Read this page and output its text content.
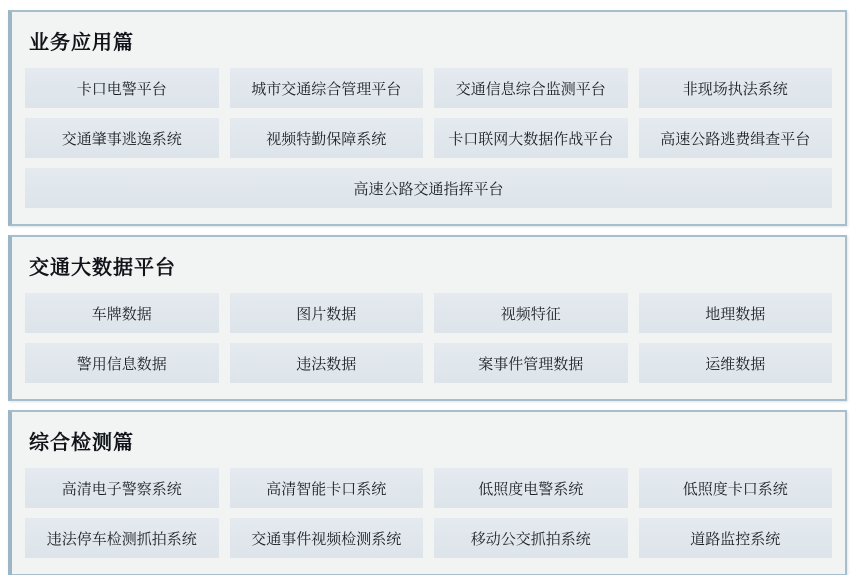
业务应用篇
卡口电警平台	城市交通综合管理平台	交通信息综合监测平台	非现场执法系统
交通肇事逃逸系统	视频特勤保障系统	卡口联网大数据作战平台	高速公路逃费缉查平台
高速公路交通指挥平台
交通大数据平台
车牌数据	图片数据	视频特征	地理数据
警用信息数据	违法数据	案事件管理数据	运维数据
综合检测篇
高清电子警察系统	高清智能卡口系统	低照度电警系统	低照度卡口系统
违法停车检测抓拍系统	交通事件视频检测系统	移动公交抓拍系统	道路监控系统
